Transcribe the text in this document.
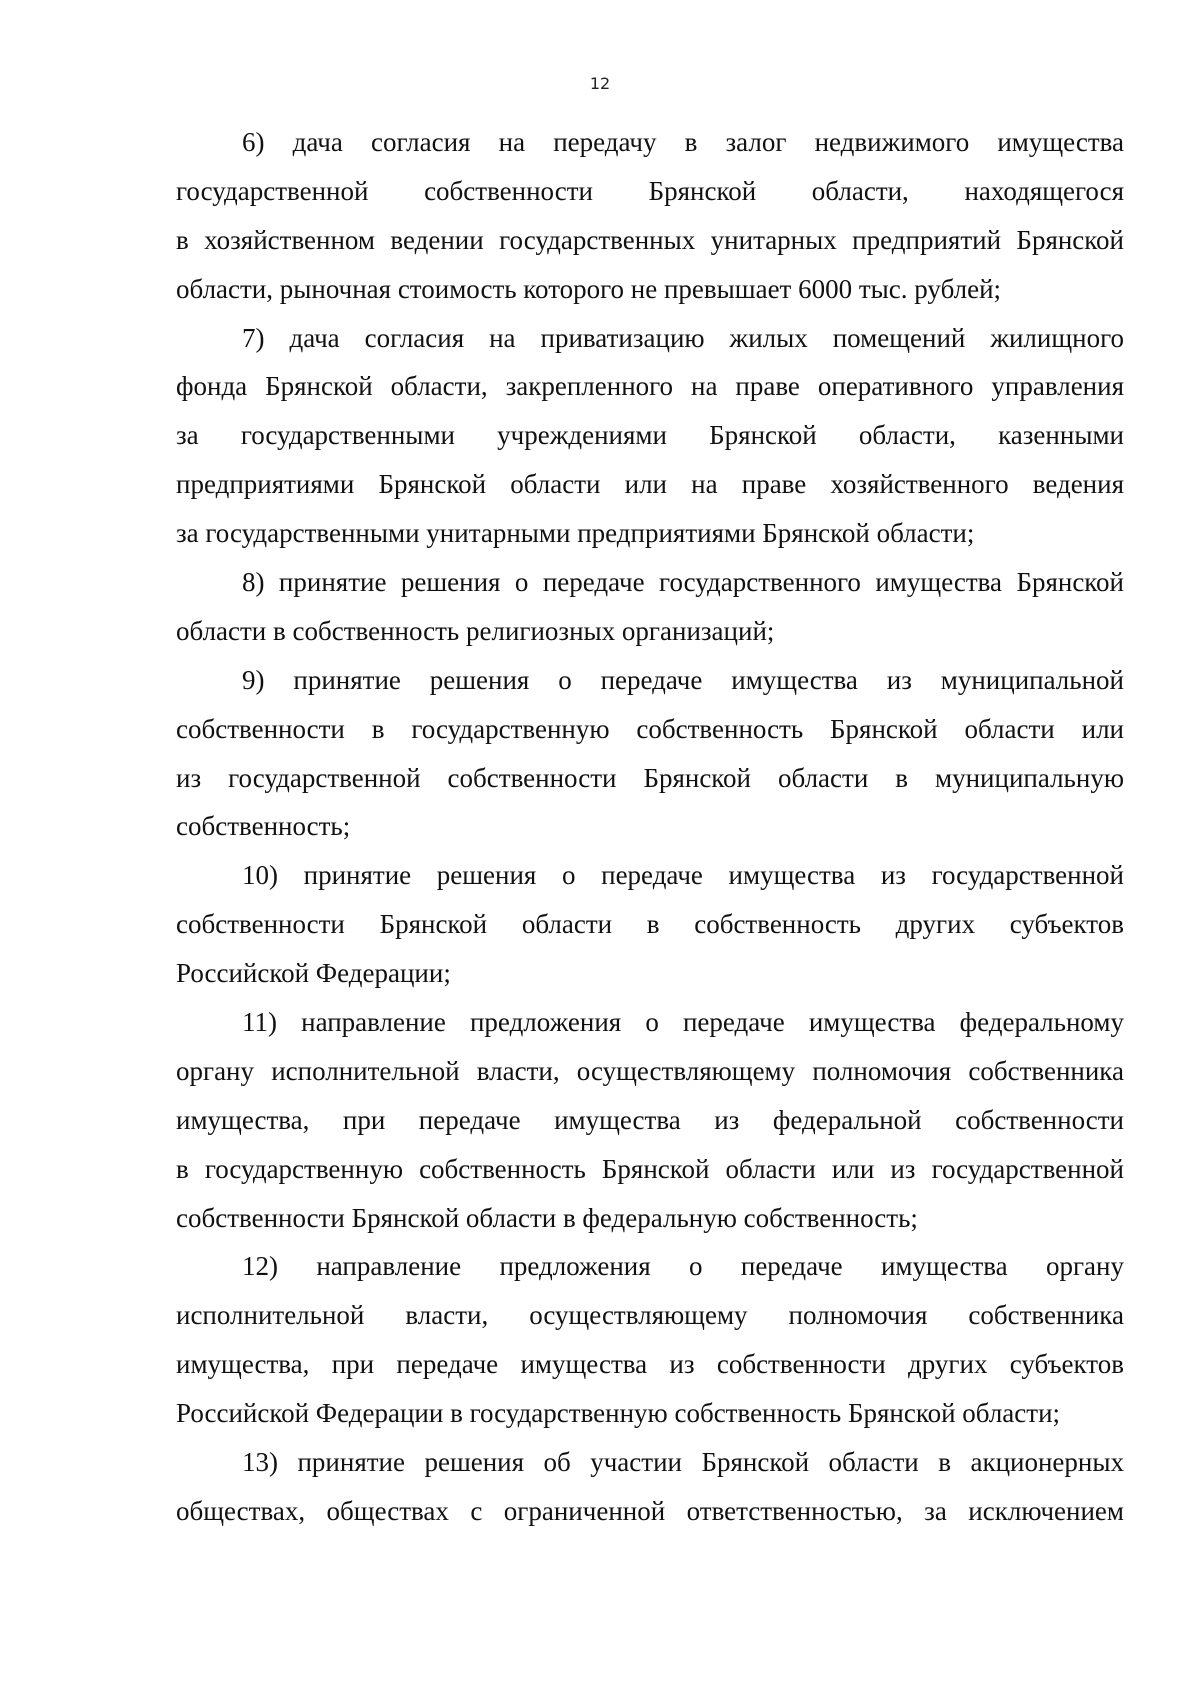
12
6) дача согласия на передачу в залог недвижимого имущества
государственной собственности Брянской области, находящегося
в хозяйственном ведении государственных унитарных предприятий Брянской
области, рыночная стоимость которого не превышает 6000 тыс. рублей;
7) дача согласия на приватизацию жилых помещений жилищного
фонда Брянской области, закрепленного на праве оперативного управления
за государственными учреждениями Брянской области, казенными
предприятиями Брянской области или на праве хозяйственного ведения
за государственными унитарными предприятиями Брянской области;
8) принятие решения о передаче государственного имущества Брянской
области в собственность религиозных организаций;
9) принятие решения о передаче имущества из муниципальной
собственности в государственную собственность Брянской области или
из государственной собственности Брянской области в муниципальную
собственность;
10) принятие решения о передаче имущества из государственной
собственности Брянской области в собственность других субъектов
Российской Федерации;
11) направление предложения о передаче имущества федеральному
органу исполнительной власти, осуществляющему полномочия собственника
имущества, при передаче имущества из федеральной собственности
в государственную собственность Брянской области или из государственной
собственности Брянской области в федеральную собственность;
12) направление предложения о передаче имущества органу
исполнительной власти, осуществляющему полномочия собственника
имущества, при передаче имущества из собственности других субъектов
Российской Федерации в государственную собственность Брянской области;
13) принятие решения об участии Брянской области в акционерных
обществах, обществах с ограниченной ответственностью, за исключением
